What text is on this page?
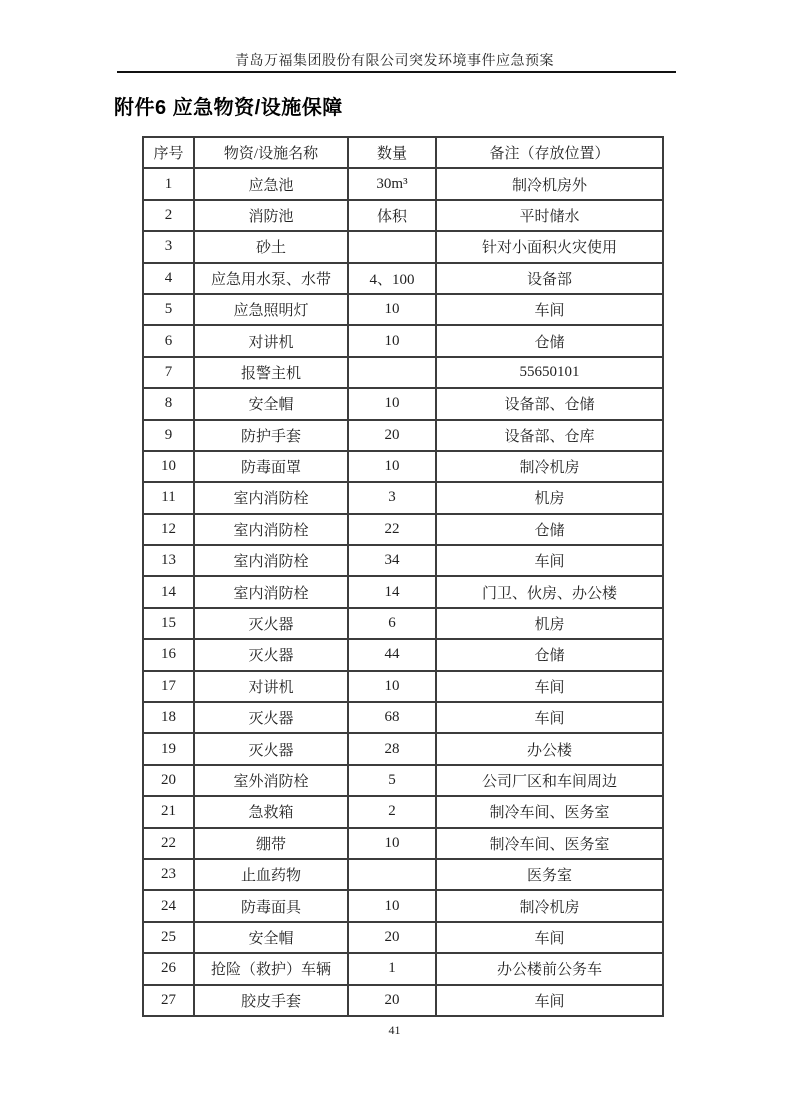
青岛万福集团股份有限公司突发环境事件应急预案
附件6 应急物资/设施保障
序号	物资/设施名称	数量	备注（存放位置）
1	应急池	30m³	制冷机房外
2	消防池	体积	平时储水
3	砂土		针对小面积火灾使用
4	应急用水泵、水带	4、100	设备部
5	应急照明灯	10	车间
6	对讲机	10	仓储
7	报警主机		55650101
8	安全帽	10	设备部、仓储
9	防护手套	20	设备部、仓库
10	防毒面罩	10	制冷机房
11	室内消防栓	3	机房
12	室内消防栓	22	仓储
13	室内消防栓	34	车间
14	室内消防栓	14	门卫、伙房、办公楼
15	灭火器	6	机房
16	灭火器	44	仓储
17	对讲机	10	车间
18	灭火器	68	车间
19	灭火器	28	办公楼
20	室外消防栓	5	公司厂区和车间周边
21	急救箱	2	制冷车间、医务室
22	绷带	10	制冷车间、医务室
23	止血药物		医务室
24	防毒面具	10	制冷机房
25	安全帽	20	车间
26	抢险（救护）车辆	1	办公楼前公务车
27	胶皮手套	20	车间
41
